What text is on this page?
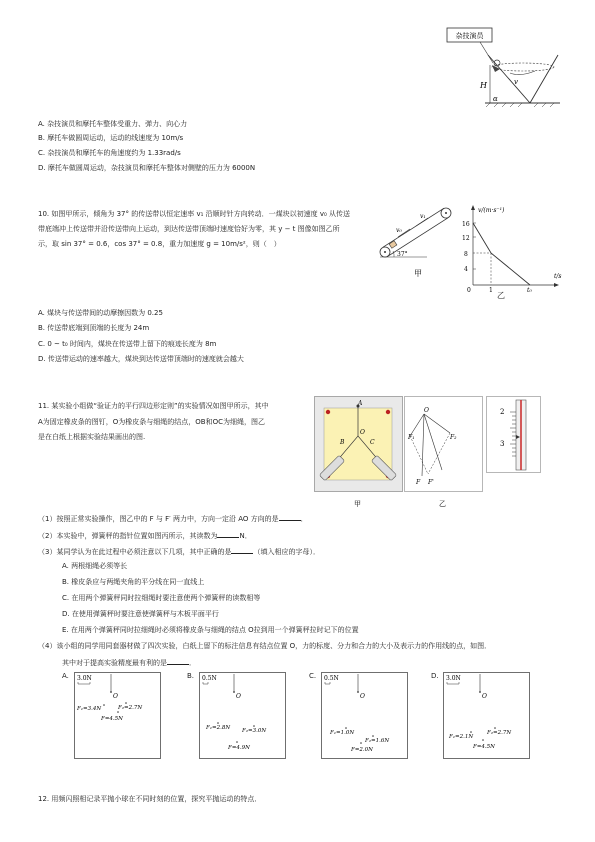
杂技演员
v
H
α
A. 杂技演员和摩托车整体受重力、弹力、向心力
B. 摩托车做圆周运动，运动的线速度为 10m/s
C. 杂技演员和摩托车的角速度约为 1.33rad/s
D. 摩托车做圆周运动，杂技演员和摩托车整体对侧壁的压力为 6000N
10. 如图甲所示，倾角为 37° 的传送带以恒定速率 v₁ 沿顺时针方向转动．一煤块以初速度 v₀ 从传送
带底端冲上传送带并沿传送带向上运动，到达传送带顶端时速度恰好为零，其 y − t 图像如图乙所
示，取 sin 37° = 0.6，cos 37° = 0.8，重力加速度 g = 10m/s²，则（　）
v₀
v₁
37°
甲
v/(m·s⁻¹)
t/s
16
12
8
4
0	1	t₀
乙
A. 煤块与传送带间的动摩擦因数为 0.25
B. 传送带底端到顶端的长度为 24m
C. 0 ~ t₀ 时间内，煤块在传送带上留下的痕迹长度为 8m
D. 传送带运动的速率越大，煤块到达传送带顶端时的速度就会越大
11. 某实验小组做“验证力的平行四边形定则”的实验情况如图甲所示，其中
A为固定橡皮条的图钉，O为橡皮条与细绳的结点，OB和OC为细绳，图乙
是在白纸上根据实验结果画出的图.
A
O
B	C
甲
O
F₁	F₂
F F'
乙
2
3
（1）按照正常实验操作，图乙中的 F 与 F′ 两力中，方向一定沿 AO 方向的是	．
（2）本实验中，弹簧秤的指针位置如图丙所示，其读数为	N．
（3）某同学认为在此过程中必须注意以下几项，其中正确的是	（填入相应的字母）．
A. 两根细绳必须等长
B. 橡皮条应与两绳夹角的平分线在同一直线上
C. 在用两个弹簧秤同时拉细绳时要注意使两个弹簧秤的读数相等
D. 在使用弹簧秤时要注意使弹簧秤与木板平面平行
E. 在用两个弹簧秤同时拉细绳时必须将橡皮条与细绳的结点 O拉到用一个弹簧秤拉时记下的位置
（4）该小组的同学用同套器材做了四次实验，白纸上留下的标注信息有结点位置 O，力的标度、分力和合力的大小及表示力的作用线的点，如图．
其中对于提高实验精度最有利的是	．
A. 3.0N
O
F₁=3.4N	F₂=2.7N
F=4.5N
B. 0.5N
O
F₁=2.8N F₂=3.0N
F=4.9N
C. 0.5N
O
F₁=1.0N
F₂=1.6N
F=2.0N
D. 3.0N
O
F₁=2.1N
F₂=2.7N
F=4.5N
12. 用频闪照相记录平抛小球在不同时刻的位置，探究平抛运动的特点．
